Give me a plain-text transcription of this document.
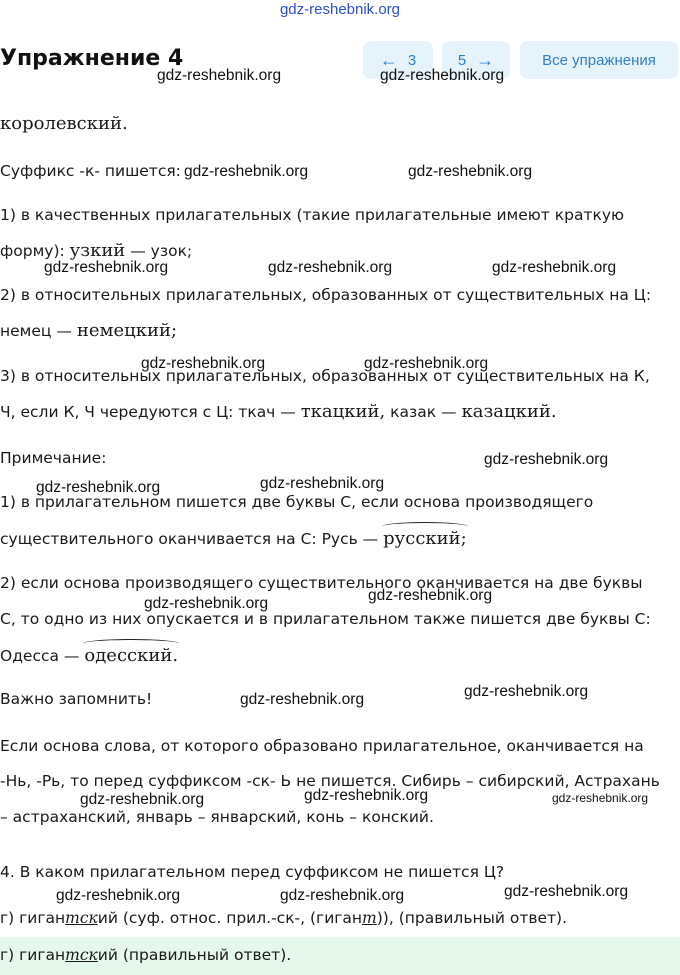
gdz-reshebnik.org
Упражнение 4	← 3	5 →	Все упражнения
gdz-reshebnik.org	gdz-reshebnik.org
королевский.
Суффикс -к- пишется: gdz-reshebnik.org	gdz-reshebnik.org
1) в качественных прилагательных (такие прилагательные имеют краткую
форму): узкий — узок;
gdz-reshebnik.org	gdz-reshebnik.org	gdz-reshebnik.org
2) в относительных прилагательных, образованных от существительных на Ц:
немец — немецкий;
gdz-reshebnik.org	gdz-reshebnik.org
3) в относительных прилагательных, образованных от существительных на К,
Ч, если К, Ч чередуются с Ц: ткач — ткацкий, казак — казацкий.
Примечание:	gdz-reshebnik.org
gdz-reshebnik.org
gdz-reshebnik.org
1) в прилагательном пишется две буквы С, если основа производящего
существительного оканчивается на С: Русь — русский;
2) если основа производящего существительного оканчивается на две буквы
gdz-reshebnik.org
gdz-reshebnik.org
С, то одно из них опускается и в прилагательном также пишется две буквы С:
Одесса — одесский.
Важно запомнить!	gdz-reshebnik.org
gdz-reshebnik.org
Если основа слова, от которого образовано прилагательное, оканчивается на
-Нь, -Рь, то перед суффиксом -ск- Ь не пишется. Сибирь – сибирский, Астрахань
gdz-reshebnik.org
gdz-reshebnik.org	gdz-reshebnik.org
– астраханский, январь – январский, конь – конский.
4. В каком прилагательном перед суффиксом не пишется Ц?
gdz-reshebnik.org
gdz-reshebnik.org	gdz-reshebnik.org
г) гигантский (суф. относ. прил.-ск-, (гигант)), (правильный ответ).
г) гигантский (правильный ответ).
